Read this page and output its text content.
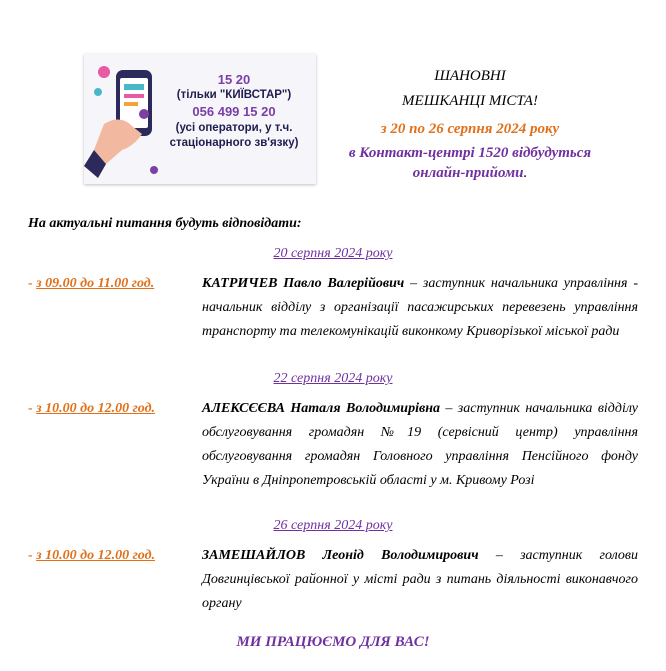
15 20
(тільки "КИЇВСТАР")
056 499 15 20
(усі оператори, у т.ч.
стаціонарного зв'язку)
ШАНОВНІ
МЕШКАНЦІ МІСТА!
з 20 по 26 серпня 2024 року
в Контакт-центрі 1520 відбудуться
онлайн-прийоми.
На актуальні питання будуть відповідати:
20 серпня 2024 року
- з 09.00 до 11.00 год.	КАТРИЧЕВ Павло Валерійович – заступник начальника управління - начальник відділу з організації пасажирських перевезень управління транспорту та телекомунікацій виконкому Криворізької міської ради
22 серпня 2024 року
- з 10.00 до 12.00 год.	АЛЕКСЄЄВА Наталя Володимирівна – заступник начальника відділу обслуговування громадян №19 (сервісний центр) управління обслуговування громадян Головного управління Пенсійного фонду України в Дніпропетровській області у м. Кривому Розі
26 серпня 2024 року
- з 10.00 до 12.00 год.	ЗАМЕШАЙЛОВ Леонід Володимирович – заступник голови Довгинцівської районної у місті ради з питань діяльності виконавчого органу
МИ ПРАЦЮЄМО ДЛЯ ВАС!
